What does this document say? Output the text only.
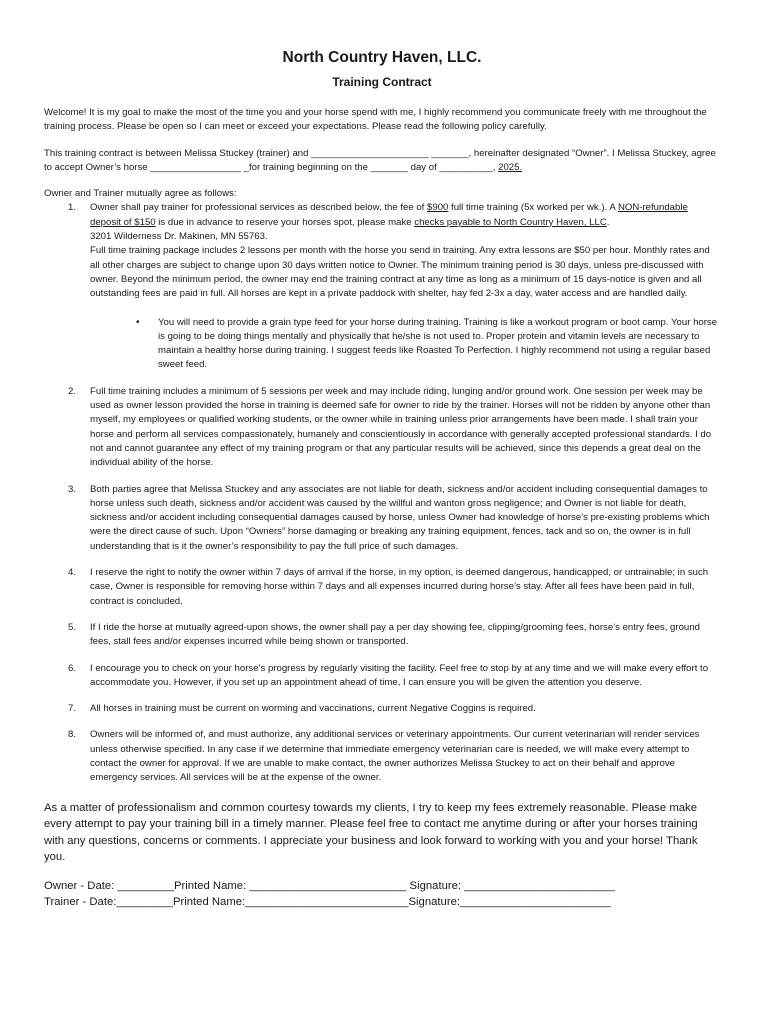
North Country Haven, LLC.
Training Contract

Welcome! It is my goal to make the most of the time you and your horse spend with me, I highly recommend you communicate freely with me throughout the training process. Please be open so I can meet or exceed your expectations. Please read the following policy carefully.

This training contract is between Melissa Stuckey (trainer) and ______________________ _______, hereinafter designated “Owner”. I Melissa Stuckey, agree to accept Owner’s horse _________________ _for training beginning on the _______ day of __________, 2025.

Owner and Trainer mutually agree as follows:

1. Owner shall pay trainer for professional services as described below, the fee of $900 full time training (5x worked per wk.). A NON-refundable deposit of $150 is due in advance to reserve your horses spot, please make checks payable to North Country Haven, LLC.
3201 Wilderness Dr. Makinen, MN 55763.
Full time training package includes 2 lessons per month with the horse you send in training. Any extra lessons are $50 per hour. Monthly rates and all other charges are subject to change upon 30 days written notice to Owner. The minimum training period is 30 days, unless pre-discussed with owner. Beyond the minimum period, the owner may end the training contract at any time as long as a minimum of 15 days-notice is given and all outstanding fees are paid in full. All horses are kept in a private paddock with shelter, hay fed 2-3x a day, water access and are handled daily.
• You will need to provide a grain type feed for your horse during training. Training is like a workout program or boot camp. Your horse is going to be doing things mentally and physically that he/she is not used to. Proper protein and vitamin levels are necessary to maintain a healthy horse during training. I suggest feeds like Roasted To Perfection. I highly recommend not using a regular based sweet feed.
2. Full time training includes a minimum of 5 sessions per week and may include riding, lunging and/or ground work. One session per week may be used as owner lesson provided the horse in training is deemed safe for owner to ride by the trainer. Horses will not be ridden by anyone other than myself, my employees or qualified working students, or the owner while in training unless prior arrangements have been made. I shall train your horse and perform all services compassionately, humanely and conscientiously in accordance with generally accepted professional standards. I do not and cannot guarantee any effect of my training program or that any particular results will be achieved, since this depends a great deal on the individual ability of the horse.
3. Both parties agree that Melissa Stuckey and any associates are not liable for death, sickness and/or accident including consequential damages to horse unless such death, sickness and/or accident was caused by the willful and wanton gross negligence; and Owner is not liable for death, sickness and/or accident including consequential damages caused by horse, unless Owner had knowledge of horse’s pre-existing problems which were the direct cause of such. Upon “Owners” horse damaging or breaking any training equipment, fences, tack and so on, the owner is in full understanding that is it the owner’s responsibility to pay the full price of such damages.
4. I reserve the right to notify the owner within 7 days of arrival if the horse, in my option, is deemed dangerous, handicapped, or untrainable; in such case, Owner is responsible for removing horse within 7 days and all expenses incurred during horse’s stay. After all fees have been paid in full, contract is concluded.
5. If I ride the horse at mutually agreed-upon shows, the owner shall pay a per day showing fee, clipping/grooming fees, horse’s entry fees, ground fees, stall fees and/or expenses incurred while being shown or transported.
6. I encourage you to check on your horse’s progress by regularly visiting the facility. Feel free to stop by at any time and we will make every effort to accommodate you. However, if you set up an appointment ahead of time, I can ensure you will be given the attention you deserve.
7. All horses in training must be current on worming and vaccinations, current Negative Coggins is required.
8. Owners will be informed of, and must authorize, any additional services or veterinary appointments. Our current veterinarian will render services unless otherwise specified. In any case if we determine that immediate emergency veterinarian care is needed, we will make every attempt to contact the owner for approval. If we are unable to make contact, the owner authorizes Melissa Stuckey to act on their behalf and approve emergency services. All services will be at the expense of the owner.

As a matter of professionalism and common courtesy towards my clients, I try to keep my fees extremely reasonable. Please make every attempt to pay your training bill in a timely manner. Please feel free to contact me anytime during or after your horses training with any questions, concerns or comments. I appreciate your business and look forward to working with you and your horse! Thank you.

Owner - Date: _________Printed Name: _________________________ Signature: ________________________

Trainer - Date:_________Printed Name:__________________________Signature:________________________
